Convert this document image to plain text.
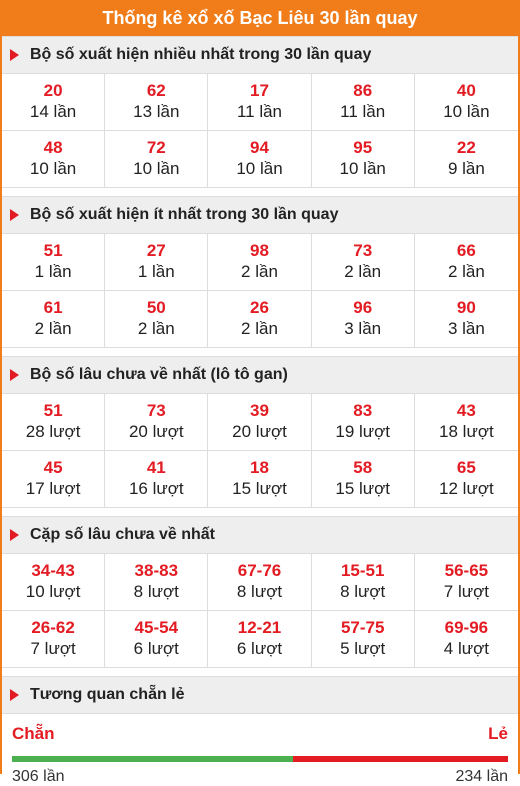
Thống kê xổ xố Bạc Liêu 30 lần quay
Bộ số xuất hiện nhiều nhất trong 30 lần quay
20
14 lần
62
13 lần
17
11 lần
86
11 lần
40
10 lần
48
10 lần
72
10 lần
94
10 lần
95
10 lần
22
9 lần
Bộ số xuất hiện ít nhất trong 30 lần quay
51
1 lần
27
1 lần
98
2 lần
73
2 lần
66
2 lần
61
2 lần
50
2 lần
26
2 lần
96
3 lần
90
3 lần
Bộ số lâu chưa về nhất (lô tô gan)
51
28 lượt
73
20 lượt
39
20 lượt
83
19 lượt
43
18 lượt
45
17 lượt
41
16 lượt
18
15 lượt
58
15 lượt
65
12 lượt
Cặp số lâu chưa về nhất
34-43
10 lượt
38-83
8 lượt
67-76
8 lượt
15-51
8 lượt
56-65
7 lượt
26-62
7 lượt
45-54
6 lượt
12-21
6 lượt
57-75
5 lượt
69-96
4 lượt
Tương quan chẵn lẻ
Chẵn	Lẻ
306 lần	234 lần
